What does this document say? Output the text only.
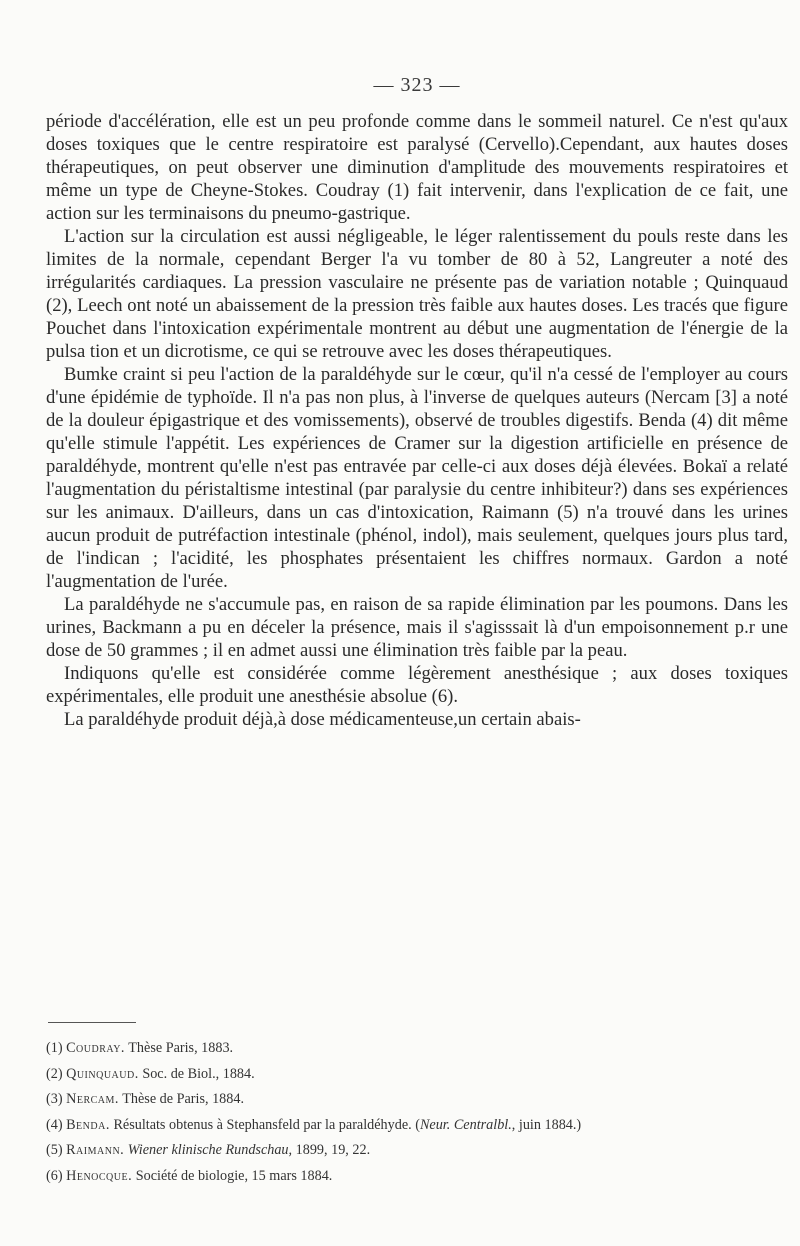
— 323 —

période d'accélération, elle est un peu profonde comme dans le sommeil naturel. Ce n'est qu'aux doses toxiques que le centre respiratoire est paralysé (Cervello).Cependant, aux hautes doses thérapeutiques, on peut observer une diminution d'amplitude des mouvements respiratoires et même un type de Cheyne-Stokes. Coudray (1) fait intervenir, dans l'explication de ce fait, une action sur les terminaisons du pneumo-gastrique.

L'action sur la circulation est aussi négligeable, le léger ralentissement du pouls reste dans les limites de la normale, cependant Berger l'a vu tomber de 80 à 52, Langreuter a noté des irrégularités cardiaques. La pression vasculaire ne présente pas de variation notable ; Quinquaud (2), Leech ont noté un abaissement de la pression très faible aux hautes doses. Les tracés que figure Pouchet dans l'intoxication expérimentale montrent au début une augmentation de l'énergie de la pulsa tion et un dicrotisme, ce qui se retrouve avec les doses thérapeutiques.

Bumke craint si peu l'action de la paraldéhyde sur le cœur, qu'il n'a cessé de l'employer au cours d'une épidémie de typhoïde. Il n'a pas non plus, à l'inverse de quelques auteurs (Nercam [3] a noté de la douleur épigastrique et des vomissements), observé de troubles digestifs. Benda (4) dit même qu'elle stimule l'appétit. Les expériences de Cramer sur la digestion artificielle en présence de paraldéhyde, montrent qu'elle n'est pas entravée par celle-ci aux doses déjà élevées. Bokaï a relaté l'augmentation du péristaltisme intestinal (par paralysie du centre inhibiteur?) dans ses expériences sur les animaux. D'ailleurs, dans un cas d'intoxication, Raimann (5) n'a trouvé dans les urines aucun produit de putréfaction intestinale (phénol, indol), mais seulement, quelques jours plus tard, de l'indican ; l'acidité, les phosphates présentaient les chiffres normaux. Gardon a noté l'augmentation de l'urée.

La paraldéhyde ne s'accumule pas, en raison de sa rapide élimination par les poumons. Dans les urines, Backmann a pu en déceler la présence, mais il s'agisssait là d'un empoisonnement p.r une dose de 50 grammes ; il en admet aussi une élimination très faible par la peau.

Indiquons qu'elle est considérée comme légèrement anesthésique ; aux doses toxiques expérimentales, elle produit une anesthésie absolue (6).

La paraldéhyde produit déjà,à dose médicamenteuse,un certain abais-

(1) Coudray. Thèse Paris, 1883.
(2) Quinquaud. Soc. de Biol., 1884.
(3) Nercam. Thèse de Paris, 1884.
(4) Benda. Résultats obtenus à Stephansfeld par la paraldéhyde. (Neur. Centralbl., juin 1884.)
(5) Raimann. Wiener klinische Rundschau, 1899, 19, 22.
(6) Henocque. Société de biologie, 15 mars 1884.
